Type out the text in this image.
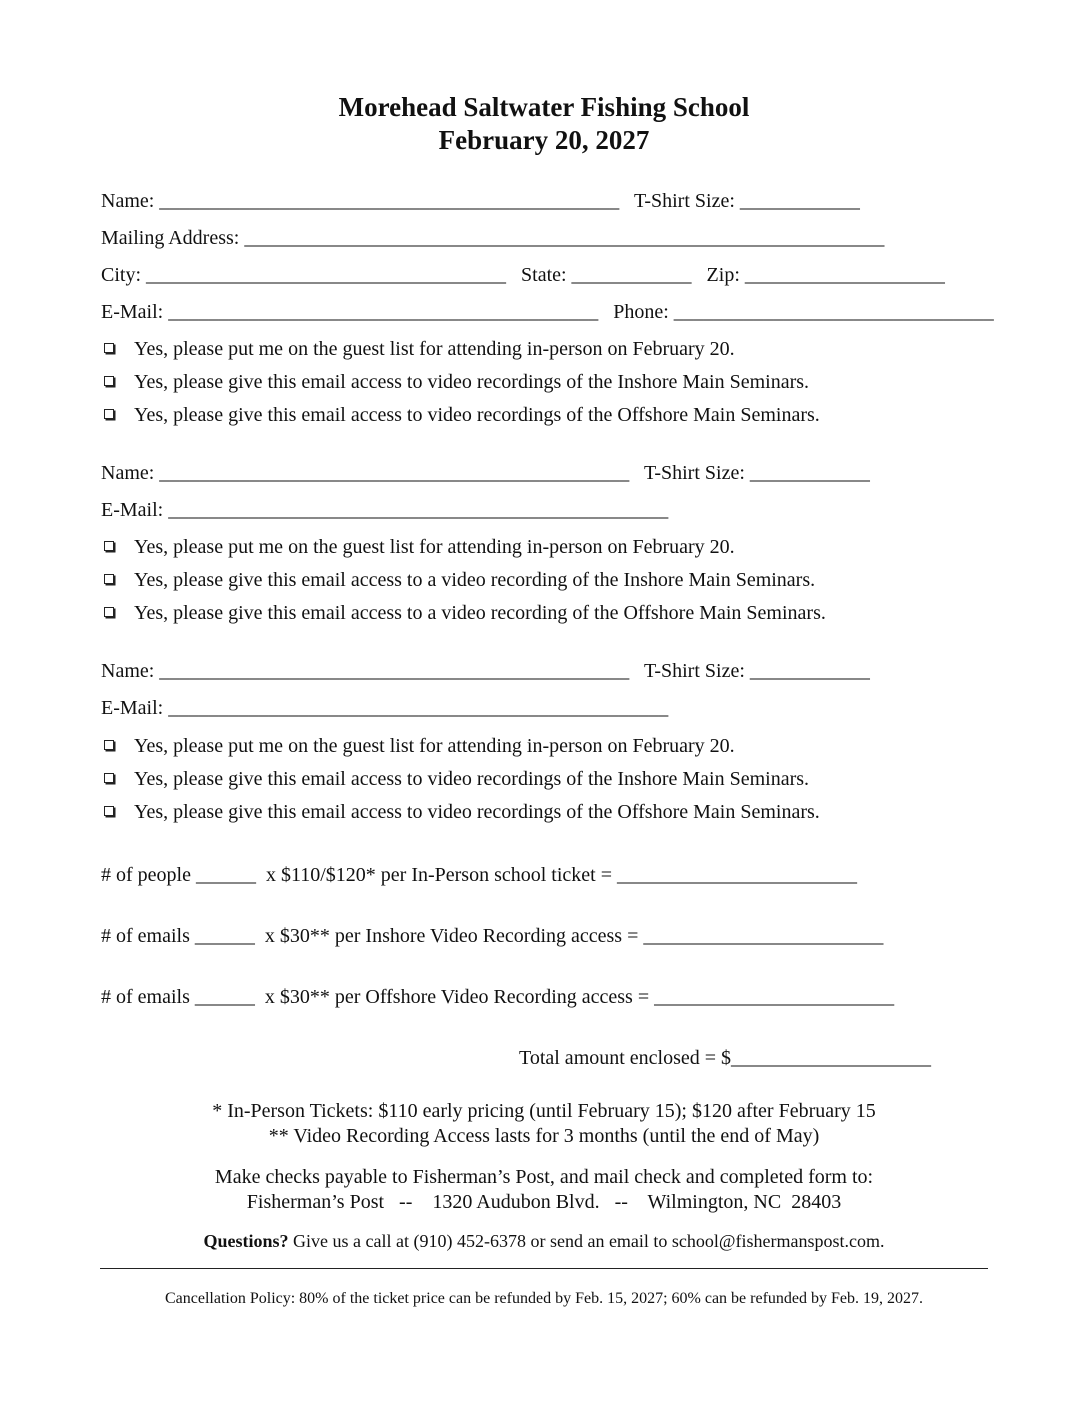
Morehead Saltwater Fishing School
February 20, 2027
Name: ______________________________________________   T-Shirt Size: ____________
Mailing Address: ________________________________________________________________
City: ____________________________________   State: ____________   Zip: ____________________
E-Mail: ___________________________________________   Phone: ________________________________
Yes, please put me on the guest list for attending in-person on February 20.
Yes, please give this email access to video recordings of the Inshore Main Seminars.
Yes, please give this email access to video recordings of the Offshore Main Seminars.
Name: _______________________________________________   T-Shirt Size: ____________
E-Mail: __________________________________________________
Yes, please put me on the guest list for attending in-person on February 20.
Yes, please give this email access to a video recording of the Inshore Main Seminars.
Yes, please give this email access to a video recording of the Offshore Main Seminars.
Name: _______________________________________________   T-Shirt Size: ____________
E-Mail: __________________________________________________
Yes, please put me on the guest list for attending in-person on February 20.
Yes, please give this email access to video recordings of the Inshore Main Seminars.
Yes, please give this email access to video recordings of the Offshore Main Seminars.
# of people ______  x $110/$120* per In-Person school ticket = ________________________
# of emails ______  x $30** per Inshore Video Recording access = ________________________
# of emails ______  x $30** per Offshore Video Recording access = ________________________
Total amount enclosed = $____________________
* In-Person Tickets: $110 early pricing (until February 15); $120 after February 15
** Video Recording Access lasts for 3 months (until the end of May)
Make checks payable to Fisherman’s Post, and mail check and completed form to:
Fisherman’s Post   --    1320 Audubon Blvd.   --    Wilmington, NC  28403
Questions? Give us a call at (910) 452-6378 or send an email to school@fishermanspost.com.
Cancellation Policy: 80% of the ticket price can be refunded by Feb. 15, 2027; 60% can be refunded by Feb. 19, 2027.
